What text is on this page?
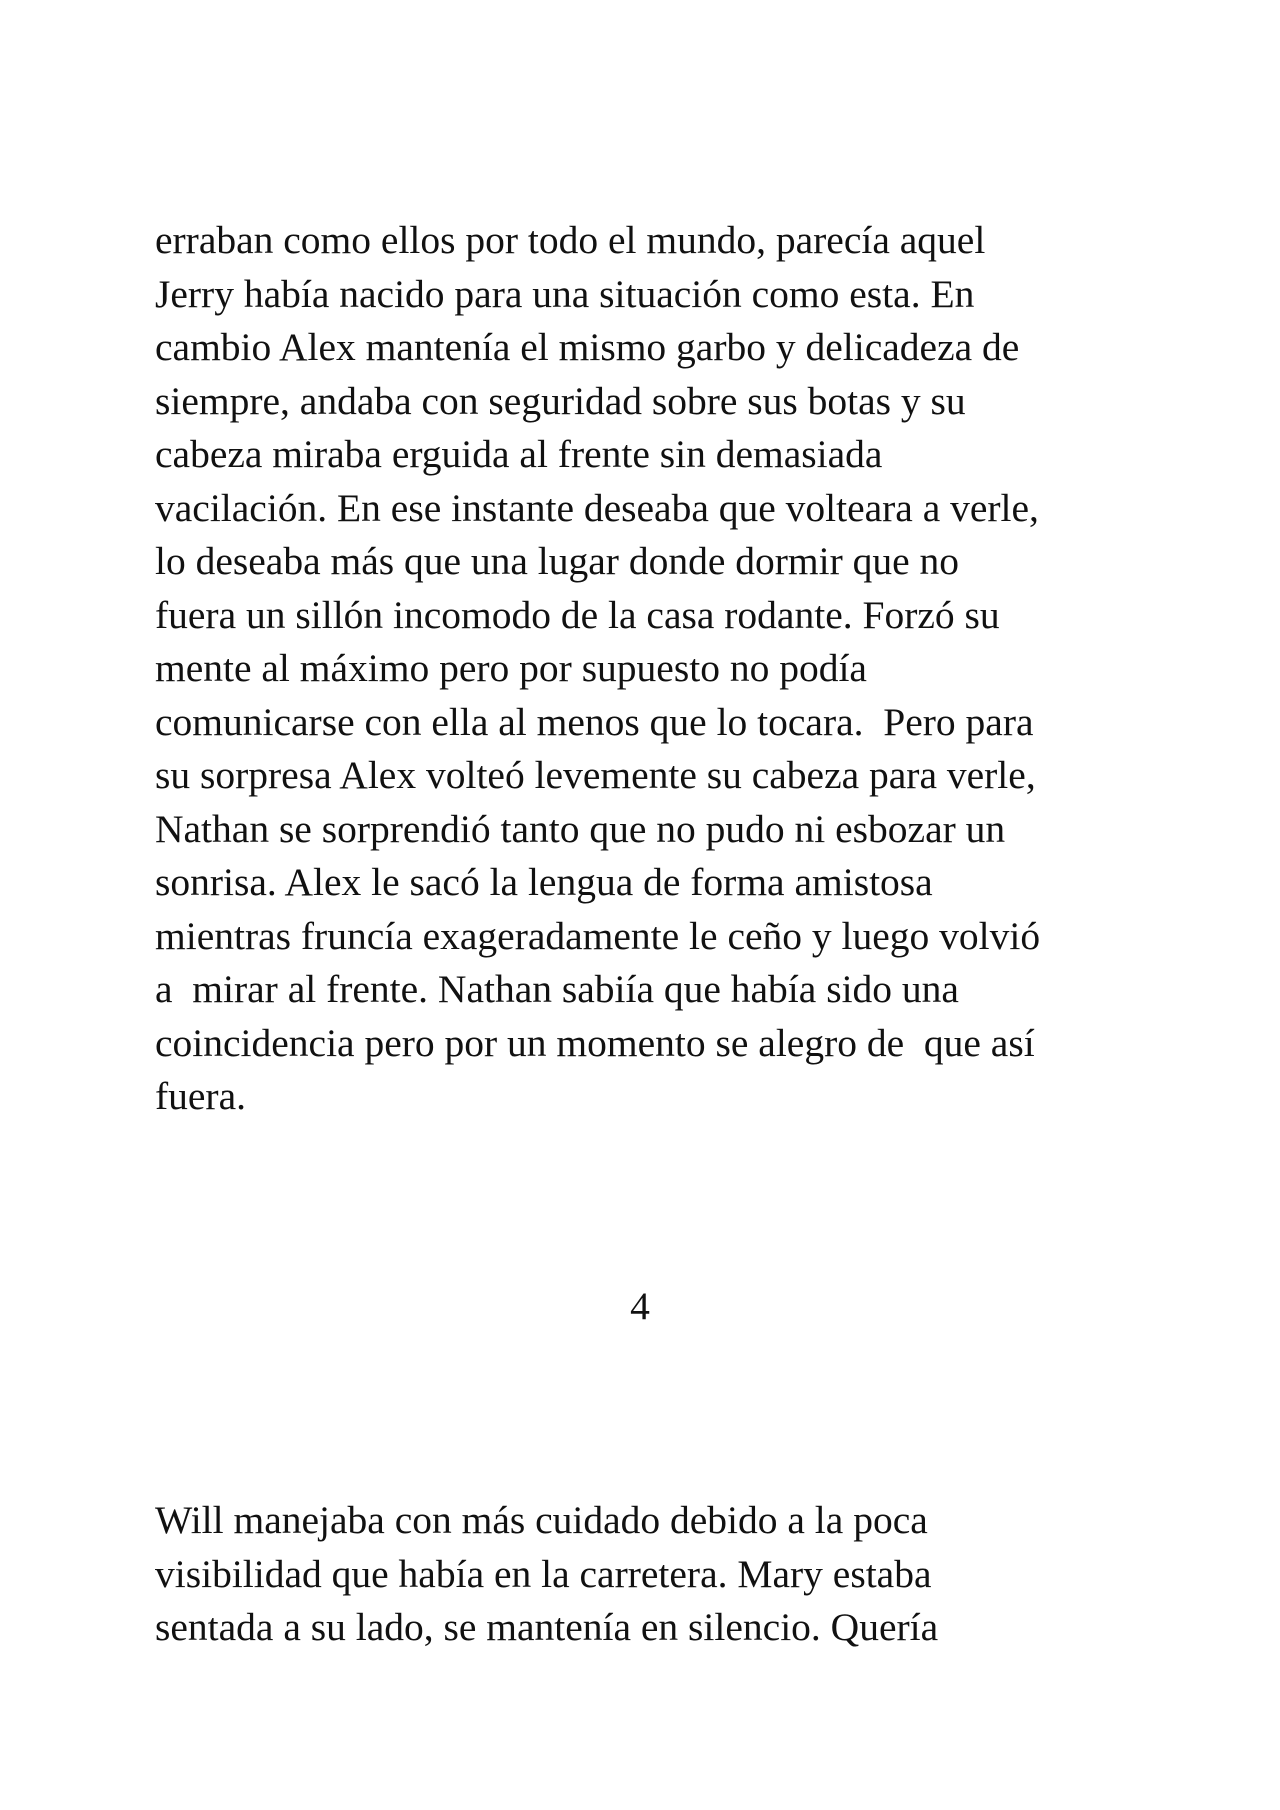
erraban como ellos por todo el mundo, parecía aquel
Jerry había nacido para una situación como esta. En
cambio Alex mantenía el mismo garbo y delicadeza de
siempre, andaba con seguridad sobre sus botas y su
cabeza miraba erguida al frente sin demasiada
vacilación. En ese instante deseaba que volteara a verle,
lo deseaba más que una lugar donde dormir que no
fuera un sillón incomodo de la casa rodante. Forzó su
mente al máximo pero por supuesto no podía
comunicarse con ella al menos que lo tocara.  Pero para
su sorpresa Alex volteó levemente su cabeza para verle,
Nathan se sorprendió tanto que no pudo ni esbozar un
sonrisa. Alex le sacó la lengua de forma amistosa
mientras fruncía exageradamente le ceño y luego volvió
a  mirar al frente. Nathan sabiía que había sido una
coincidencia pero por un momento se alegro de  que así
fuera.
4
Will manejaba con más cuidado debido a la poca
visibilidad que había en la carretera. Mary estaba
sentada a su lado, se mantenía en silencio. Quería
